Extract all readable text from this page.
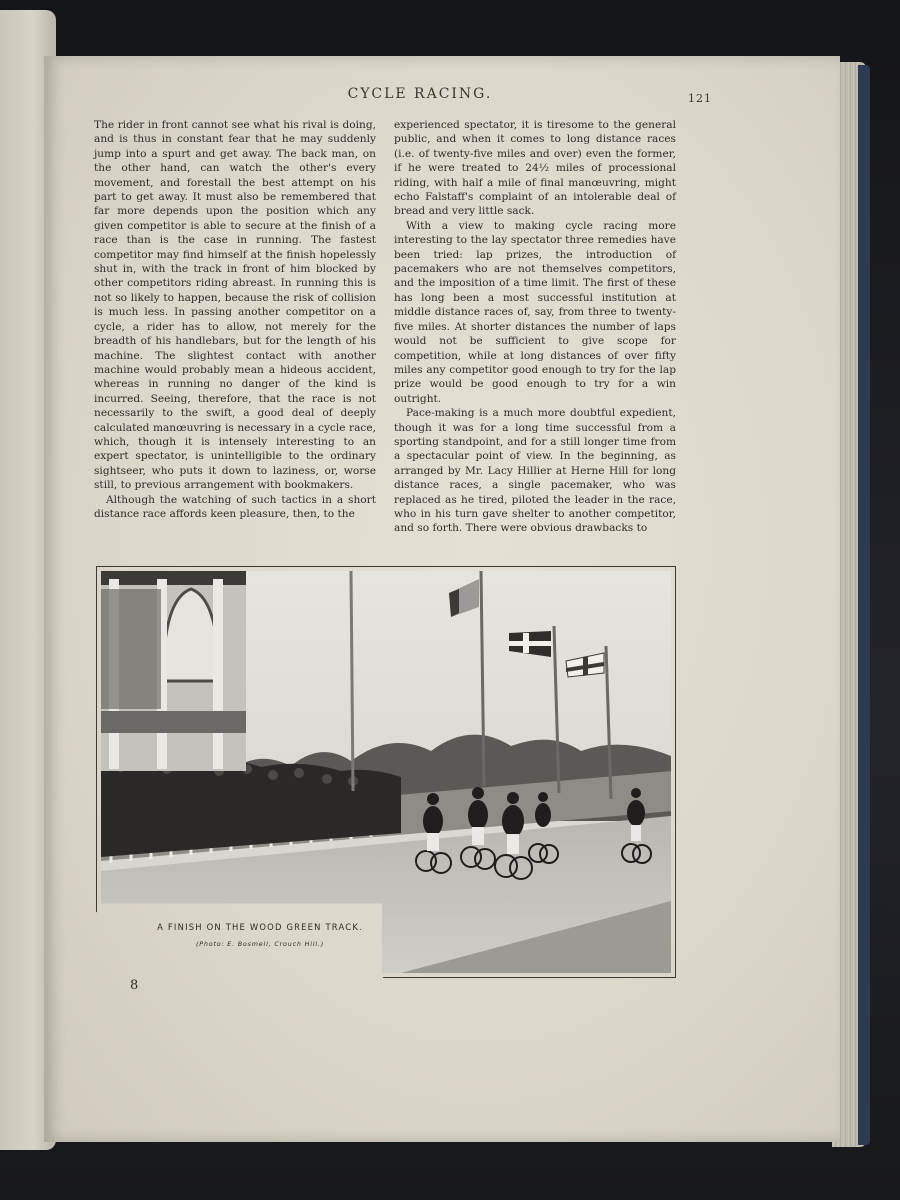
CYCLE RACING.	121

The rider in front cannot see what his rival is doing, and is thus in constant fear that he may suddenly jump into a spurt and get away. The back man, on the other hand, can watch the other's every movement, and forestall the best attempt on his part to get away. It must also be remembered that far more depends upon the position which any given competitor is able to secure at the finish of a race than is the case in running. The fastest competitor may find himself at the finish hopelessly shut in, with the track in front of him blocked by other competitors riding abreast. In running this is not so likely to happen, because the risk of collision is much less. In passing another competitor on a cycle, a rider has to allow, not merely for the breadth of his handlebars, but for the length of his machine. The slightest contact with another machine would probably mean a hideous accident, whereas in running no danger of the kind is incurred. Seeing, therefore, that the race is not necessarily to the swift, a good deal of deeply calculated manœuvring is necessary in a cycle race, which, though it is intensely interesting to an expert spectator, is unintelligible to the ordinary sightseer, who puts it down to laziness, or, worse still, to previous arrangement with bookmakers.

Although the watching of such tactics in a short distance race affords keen pleasure, then, to the

experienced spectator, it is tiresome to the general public, and when it comes to long distance races (i.e. of twenty-five miles and over) even the former, if he were treated to 24½ miles of processional riding, with half a mile of final manœuvring, might echo Falstaff's complaint of an intolerable deal of bread and very little sack.

With a view to making cycle racing more interesting to the lay spectator three remedies have been tried: lap prizes, the introduction of pacemakers who are not themselves competitors, and the imposition of a time limit. The first of these has long been a most successful institution at middle distance races of, say, from three to twenty-five miles. At shorter distances the number of laps would not be sufficient to give scope for competition, while at long distances of over fifty miles any competitor good enough to try for the lap prize would be good enough to try for a win outright.

Pace-making is a much more doubtful expedient, though it was for a long time successful from a sporting standpoint, and for a still longer time from a spectacular point of view. In the beginning, as arranged by Mr. Lacy Hillier at Herne Hill for long distance races, a single pacemaker, who was replaced as he tired, piloted the leader in the race, who in his turn gave shelter to another competitor, and so forth. There were obvious drawbacks to

A FINISH ON THE WOOD GREEN TRACK.
(Photo: E. Bosmell, Crouch Hill.)
8
